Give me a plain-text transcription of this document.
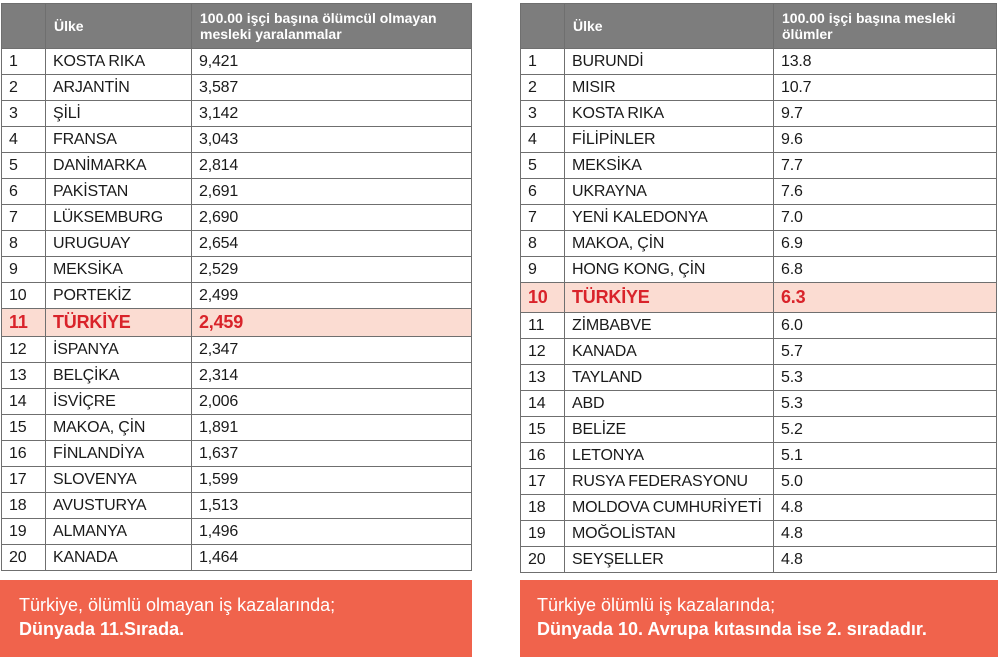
	Ülke	100.00 işçi başına ölümcül olmayan mesleki yaralanmalar
1	KOSTA RIKA	9,421
2	ARJANTİN	3,587
3	ŞİLİ	3,142
4	FRANSA	3,043
5	DANİMARKA	2,814
6	PAKİSTAN	2,691
7	LÜKSEMBURG	2,690
8	URUGUAY	2,654
9	MEKSİKA	2,529
10	PORTEKİZ	2,499
11	TÜRKİYE	2,459
12	İSPANYA	2,347
13	BELÇİKA	2,314
14	İSVİÇRE	2,006
15	MAKOA, ÇİN	1,891
16	FİNLANDİYA	1,637
17	SLOVENYA	1,599
18	AVUSTURYA	1,513
19	ALMANYA	1,496
20	KANADA	1,464
	Ülke	100.00 işçi başına mesleki ölümler
1	BURUNDİ	13.8
2	MISIR	10.7
3	KOSTA RIKA	9.7
4	FİLİPİNLER	9.6
5	MEKSİKA	7.7
6	UKRAYNA	7.6
7	YENİ KALEDONYA	7.0
8	MAKOA, ÇİN	6.9
9	HONG KONG, ÇİN	6.8
10	TÜRKİYE	6.3
11	ZİMBABVE	6.0
12	KANADA	5.7
13	TAYLAND	5.3
14	ABD	5.3
15	BELİZE	5.2
16	LETONYA	5.1
17	RUSYA FEDERASYONU	5.0
18	MOLDOVA CUMHURİYETİ	4.8
19	MOĞOLİSTAN	4.8
20	SEYŞELLER	4.8
Türkiye, ölümlü olmayan iş kazalarında;
Dünyada 11.Sırada.
Türkiye ölümlü iş kazalarında;
Dünyada 10. Avrupa kıtasında ise 2. sıradadır.
